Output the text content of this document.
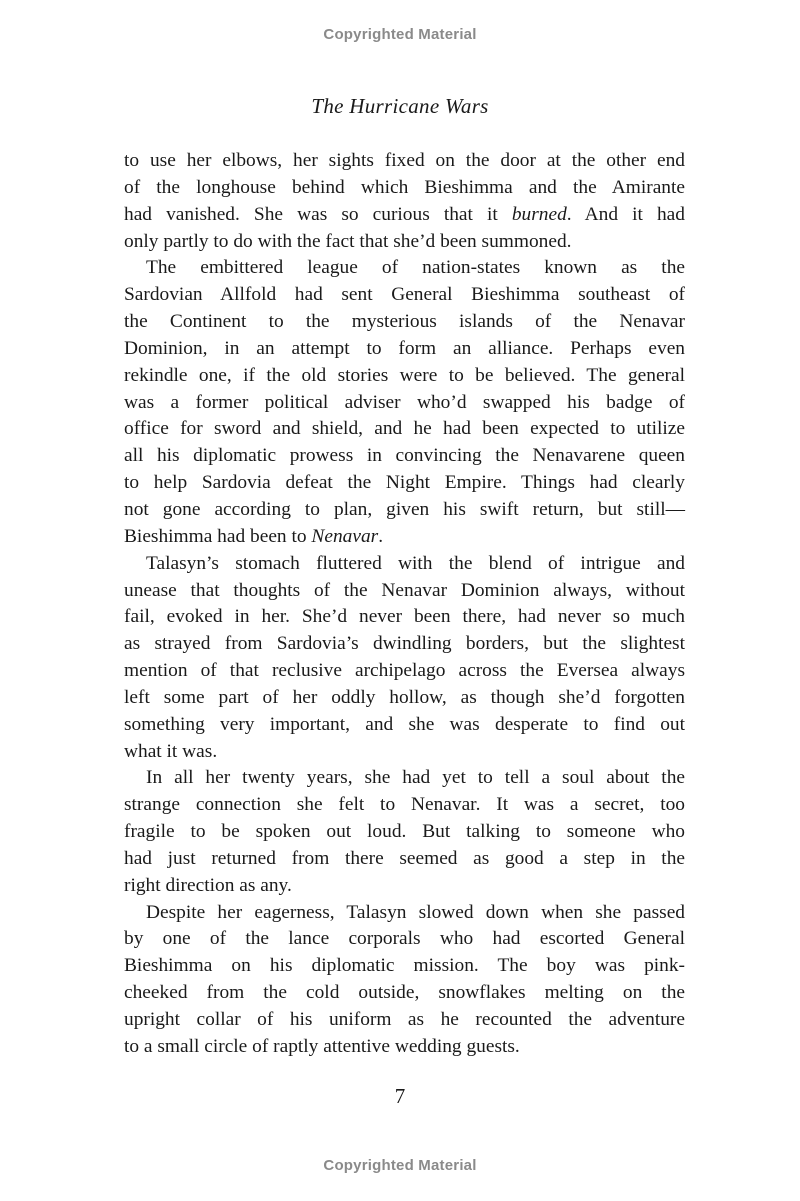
Copyrighted Material
The Hurricane Wars

to use her elbows, her sights fixed on the door at the other end
of the longhouse behind which Bieshimma and the Amirante
had vanished. She was so curious that it burned. And it had
only partly to do with the fact that she’d been summoned.

The embittered league of nation-states known as the
Sardovian Allfold had sent General Bieshimma southeast of
the Continent to the mysterious islands of the Nenavar
Dominion, in an attempt to form an alliance. Perhaps even
rekindle one, if the old stories were to be believed. The general
was a former political adviser who’d swapped his badge of
office for sword and shield, and he had been expected to utilize
all his diplomatic prowess in convincing the Nenavarene queen
to help Sardovia defeat the Night Empire. Things had clearly
not gone according to plan, given his swift return, but still—
Bieshimma had been to Nenavar.

Talasyn’s stomach fluttered with the blend of intrigue and
unease that thoughts of the Nenavar Dominion always, without
fail, evoked in her. She’d never been there, had never so much
as strayed from Sardovia’s dwindling borders, but the slightest
mention of that reclusive archipelago across the Eversea always
left some part of her oddly hollow, as though she’d forgotten
something very important, and she was desperate to find out
what it was.

In all her twenty years, she had yet to tell a soul about the
strange connection she felt to Nenavar. It was a secret, too
fragile to be spoken out loud. But talking to someone who
had just returned from there seemed as good a step in the
right direction as any.

Despite her eagerness, Talasyn slowed down when she passed
by one of the lance corporals who had escorted General
Bieshimma on his diplomatic mission. The boy was pink-
cheeked from the cold outside, snowflakes melting on the
upright collar of his uniform as he recounted the adventure
to a small circle of raptly attentive wedding guests.

7
Copyrighted Material
